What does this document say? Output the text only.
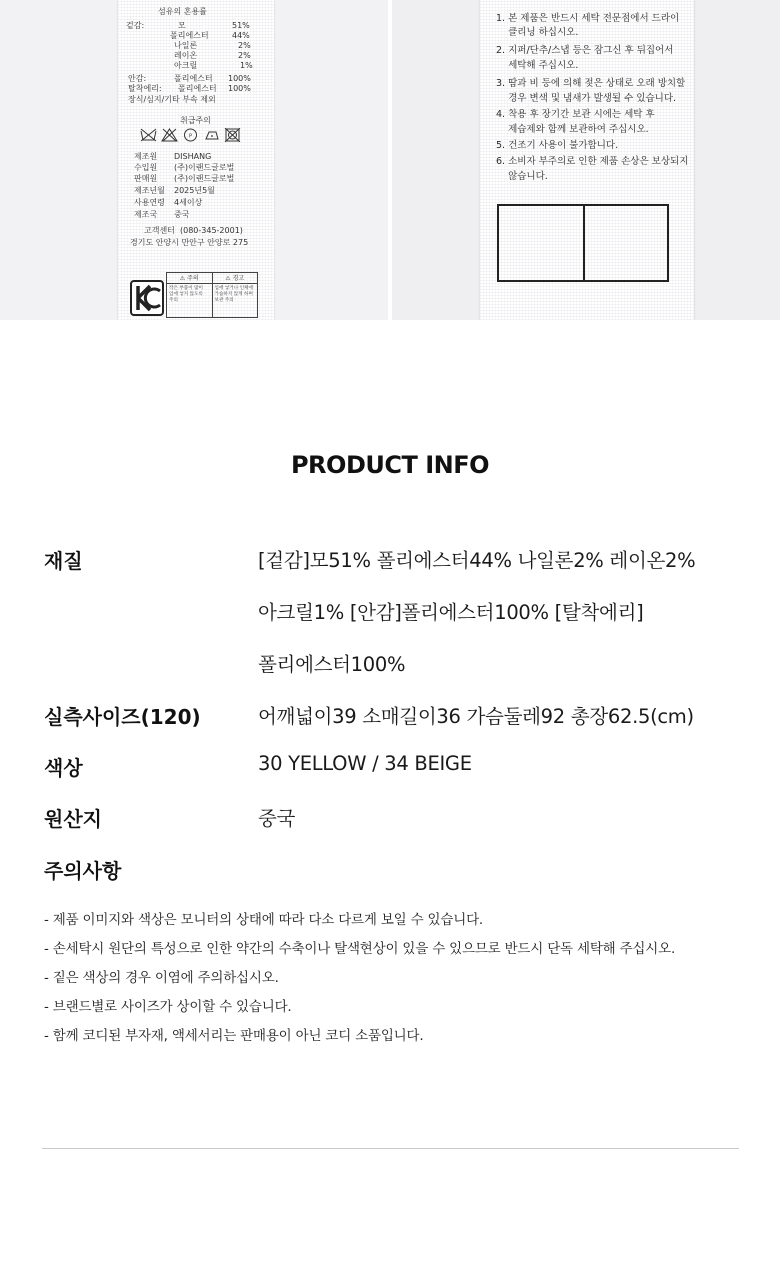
섬유의 혼용률
겉감:	모	51%
폴리에스터	44%
나일론	2%
레이온	2%
아크릴	1%
안감:	폴리에스터 100%
탈착에리: 폴리에스터 100%
장식/심지/기타 부속 제외
취급주의
P
제조원 DISHANG
수입원 (주)이랜드글로벌
판매원 (주)이랜드글로벌
제조년월 2025년5월
사용연령 4세이상
제조국 중국
고객센터  (080-345-2001)
경기도 안양시 만안구 안양로 275
⚠ 주의
작은 부품이 많이
입에 넣지 않도록
주의
⚠ 경고
입에 넣거나 인체에
가습하지 않게 하며
보관 주의
1. 본 제품은 반드시 세탁 전문점에서 드라이
클리닝 하십시오.
2. 지퍼/단추/스냅 등은 잠그신 후 뒤집어서
세탁해 주십시오.
3. 땀과 비 등에 의해 젖은 상태로 오래 방치할
경우 변색 및 냄새가 발생될 수 있습니다.
4. 착용 후 장기간 보관 시에는 세탁 후
제습제와 함께 보관하여 주십시오.
5. 건조기 사용이 불가합니다.
6. 소비자 부주의로 인한 제품 손상은 보상되지
않습니다.
PRODUCT INFO
재질	[겉감]모51% 폴리에스터44% 나일론2% 레이온2%
아크릴1% [안감]폴리에스터100% [탈착에리]
폴리에스터100%
실측사이즈(120)	어깨넓이39 소매길이36 가슴둘레92 총장62.5(cm)
색상	30 YELLOW / 34 BEIGE
원산지	중국
주의사항
- 제품 이미지와 색상은 모니터의 상태에 따라 다소 다르게 보일 수 있습니다.
- 손세탁시 원단의 특성으로 인한 약간의 수축이나 탈색현상이 있을 수 있으므로 반드시 단독 세탁해 주십시오.
- 짙은 색상의 경우 이염에 주의하십시오.
- 브랜드별로 사이즈가 상이할 수 있습니다.
- 함께 코디된 부자재, 액세서리는 판매용이 아닌 코디 소품입니다.
